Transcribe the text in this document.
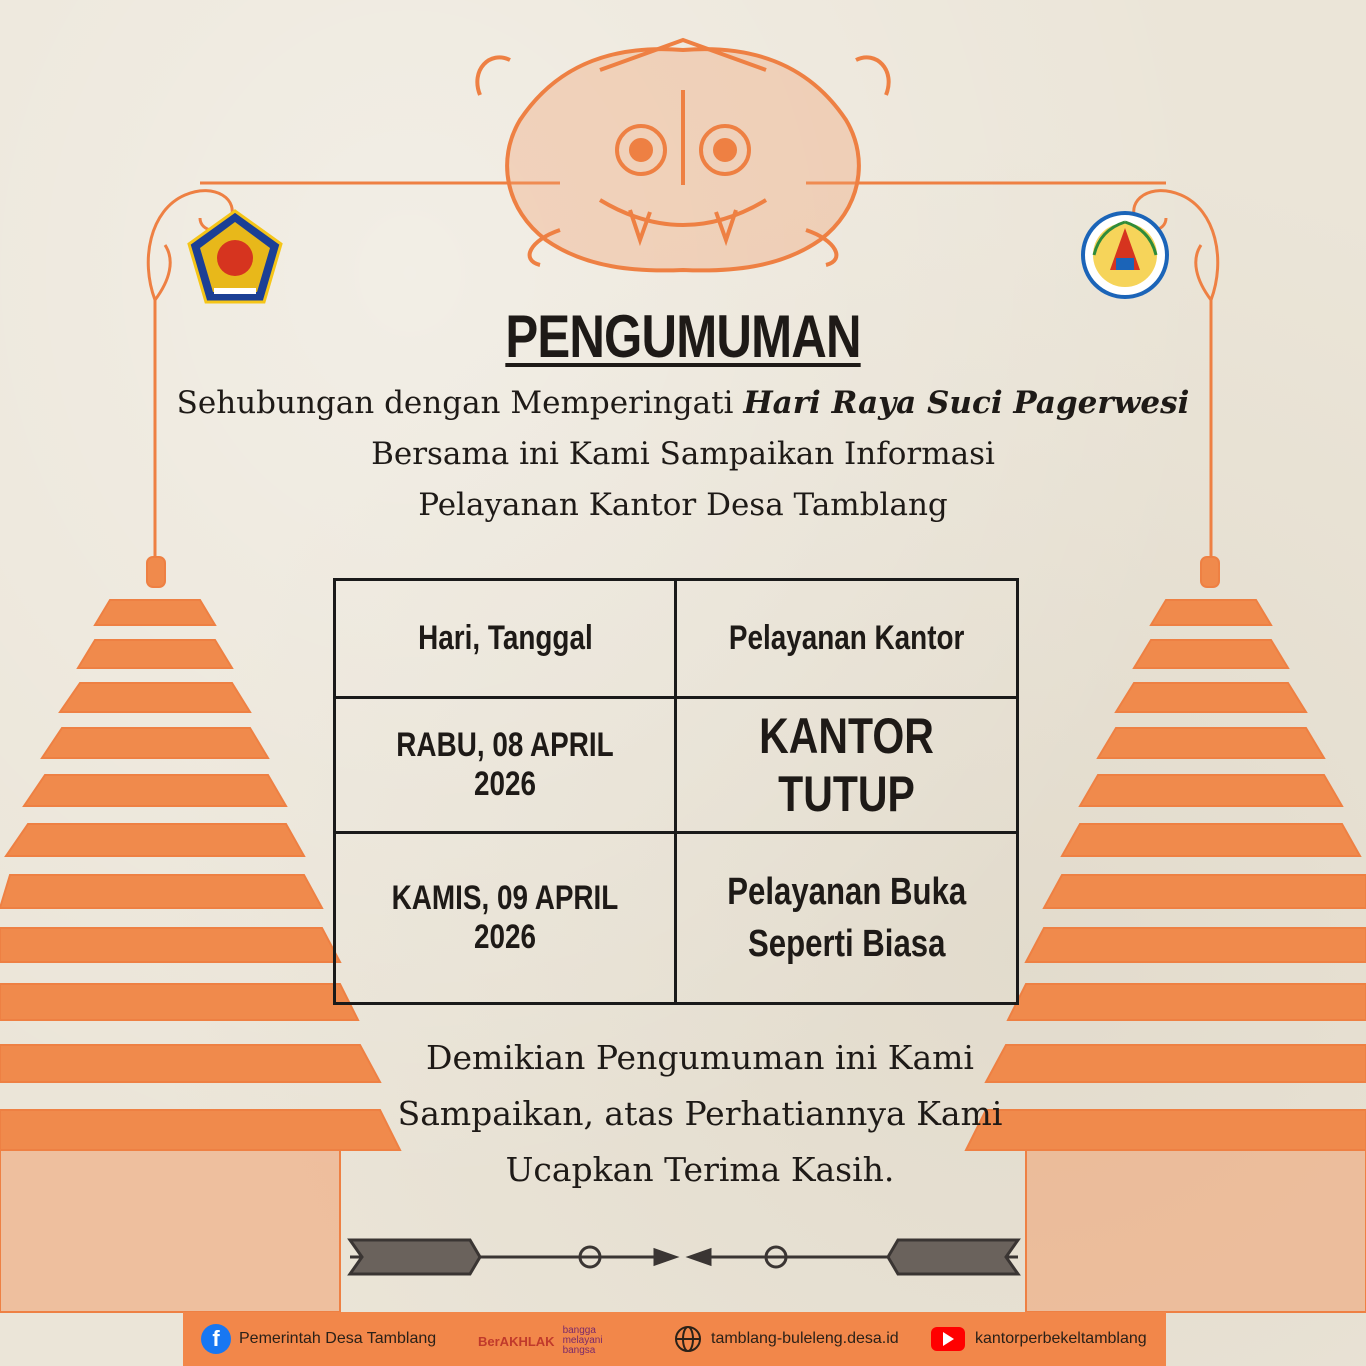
PENGUMUMAN
Sehubungan dengan Memperingati Hari Raya Suci Pagerwesi
Bersama ini Kami Sampaikan Informasi
Pelayanan Kantor Desa Tamblang
Hari, Tanggal	Pelayanan Kantor
RABU, 08 APRIL 2026	KANTOR TUTUP
KAMIS, 09 APRIL 2026	Pelayanan Buka
Seperti Biasa
Demikian Pengumuman ini Kami
Sampaikan, atas Perhatiannya Kami
Ucapkan Terima Kasih.
f	Pemerintah Desa Tamblang	BerAKHLAK
bangga melayani bangsa
tamblang-buleleng.desa.id	kantorperbekeltamblang
